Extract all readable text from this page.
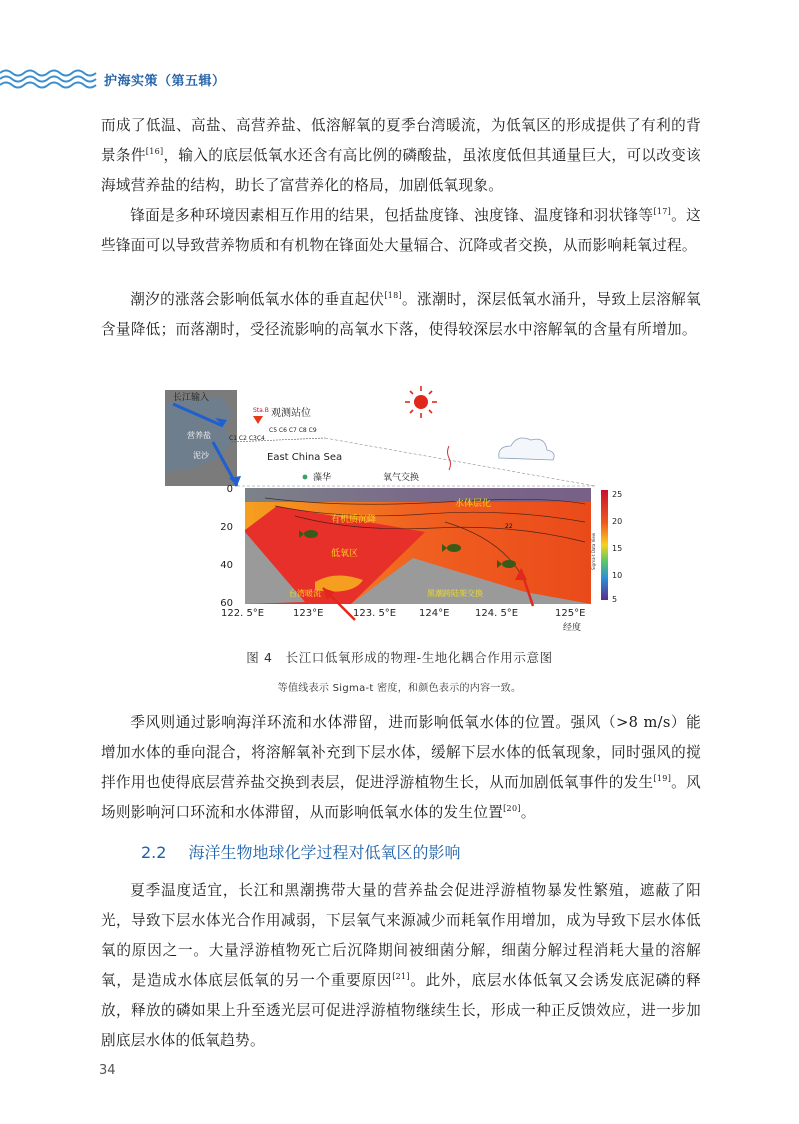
护海实策（第五辑）

而成了低温、高盐、高营养盐、低溶解氧的夏季台湾暖流，为低氧区的形成提供了有利的背景条件[16]，输入的底层低氧水还含有高比例的磷酸盐，虽浓度低但其通量巨大，可以改变该海域营养盐的结构，助长了富营养化的格局，加剧低氧现象。

锋面是多种环境因素相互作用的结果，包括盐度锋、浊度锋、温度锋和羽状锋等[17]。这些锋面可以导致营养物质和有机物在锋面处大量辐合、沉降或者交换，从而影响耗氧过程。

潮汐的涨落会影响低氧水体的垂直起伏[18]。涨潮时，深层低氧水涌升，导致上层溶解氧含量降低；而落潮时，受径流影响的高氧水下落，使得较深层水中溶解氧的含量有所增加。

长江输入
营养盐
泥沙
Sta.B 观测站位
C5 C6 C7 C8 C9
C1 C2 C3C4
East China Sea
藻华	氧气交换
22
有机质沉降
水体层化
低氧区
台湾暖流	黑潮跨陆架交换
0
20
40
60
122. 5°E	123°E	123. 5°E 124°E	124. 5°E	125°E
经度
25
20
15
10
5
Sigma-t Data View
图 4　长江口低氧形成的物理-生地化耦合作用示意图
等值线表示 Sigma-t 密度，和颜色表示的内容一致。

季风则通过影响海洋环流和水体滞留，进而影响低氧水体的位置。强风（>8 m/s）能增加水体的垂向混合，将溶解氧补充到下层水体，缓解下层水体的低氧现象，同时强风的搅拌作用也使得底层营养盐交换到表层，促进浮游植物生长，从而加剧低氧事件的发生[19]。风场则影响河口环流和水体滞留，从而影响低氧水体的发生位置[20]。

2.2 海洋生物地球化学过程对低氧区的影响

夏季温度适宜，长江和黑潮携带大量的营养盐会促进浮游植物暴发性繁殖，遮蔽了阳光，导致下层水体光合作用减弱，下层氧气来源减少而耗氧作用增加，成为导致下层水体低氧的原因之一。大量浮游植物死亡后沉降期间被细菌分解，细菌分解过程消耗大量的溶解氧，是造成水体底层低氧的另一个重要原因[21]。此外，底层水体低氧又会诱发底泥磷的释放，释放的磷如果上升至透光层可促进浮游植物继续生长，形成一种正反馈效应，进一步加剧底层水体的低氧趋势。

34
